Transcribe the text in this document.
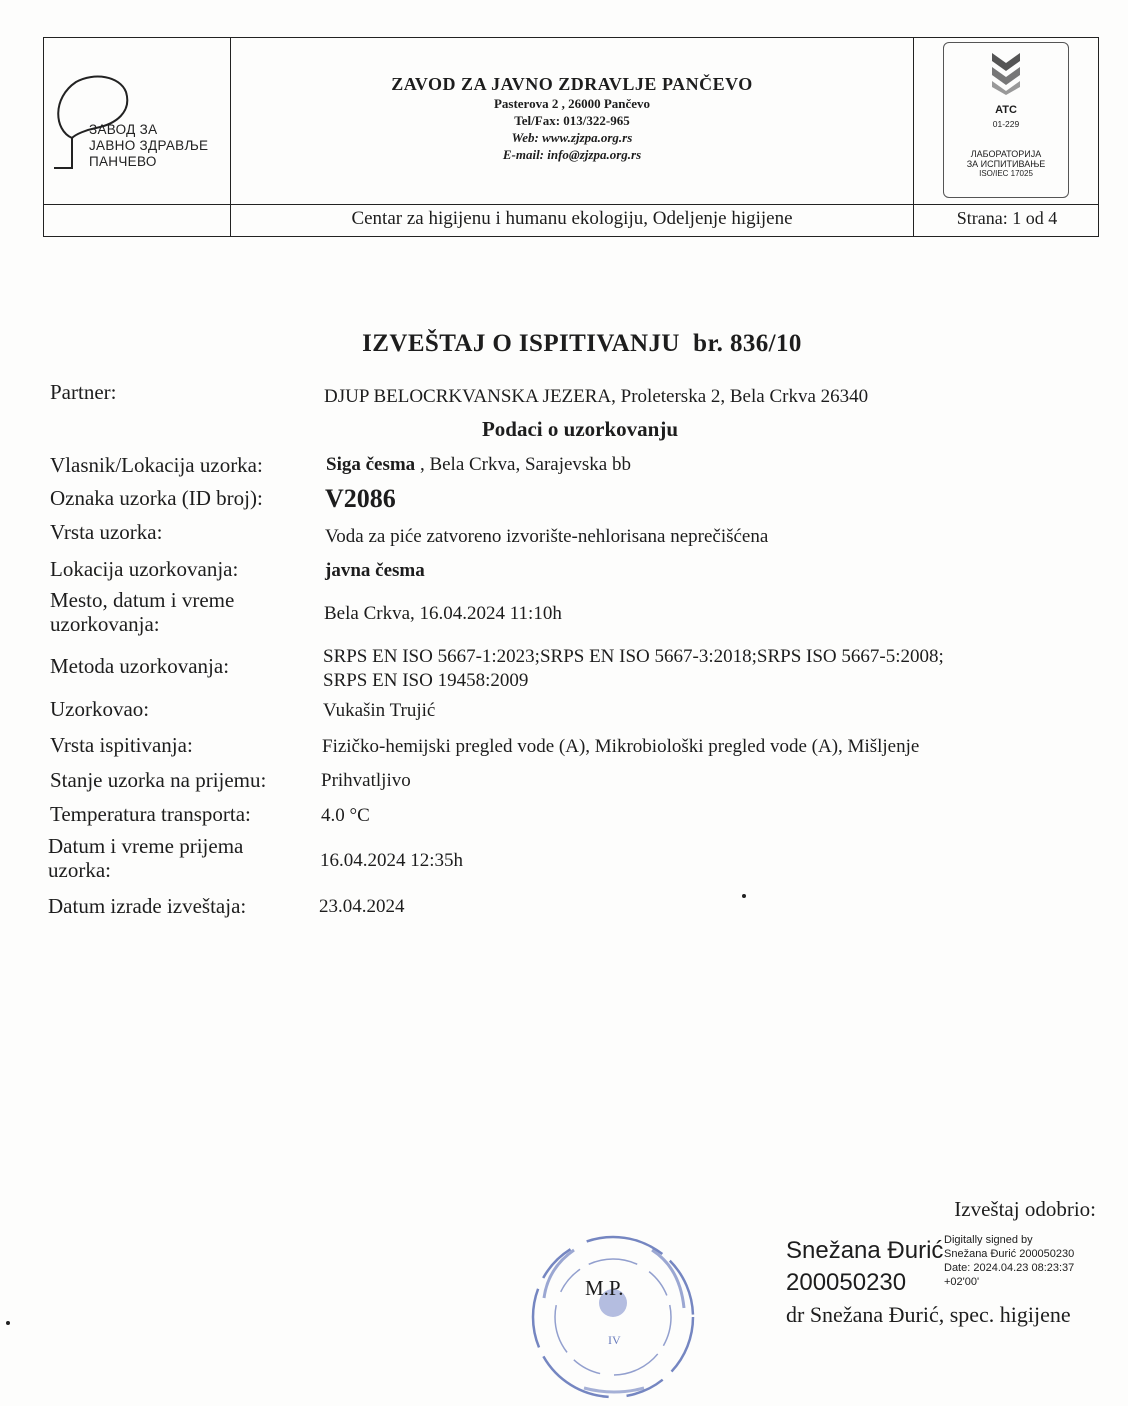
ЗАВОД ЗА
ЈАВНО ЗДРАВЉЕ
ПАНЧЕВО
ZAVOD ZA JAVNO ZDRAVLJE PANČEVO
Pasterova 2 , 26000 Pančevo
Tel/Fax: 013/322-965
Web: www.zjzpa.org.rs
E-mail: info@zjzpa.org.rs
ATC
01-229
ЛАБОРАТОРИЈА
ЗА ИСПИТИВАЊЕ
ISO/IEC 17025
Centar za higijenu i humanu ekologiju, Odeljenje higijene	Strana: 1 od 4
IZVEŠTAJ O ISPITIVANJU  br. 836/10
Partner:	DJUP BELOCRKVANSKA JEZERA, Proleterska 2, Bela Crkva 26340
Podaci o uzorkovanju
Vlasnik/Lokacija uzorka:	Siga česma , Bela Crkva, Sarajevska bb
Oznaka uzorka (ID broj): V2086
Vrsta uzorka:	Voda za piće zatvoreno izvorište-nehlorisana neprečišćena
Lokacija uzorkovanja:	javna česma
Mesto, datum i vreme
uzorkovanja:	Bela Crkva, 16.04.2024 11:10h
Metoda uzorkovanja:	SRPS EN ISO 5667-1:2023;SRPS EN ISO 5667-3:2018;SRPS ISO 5667-5:2008;
SRPS EN ISO 19458:2009
Uzorkovao:	Vukašin Trujić
Vrsta ispitivanja:	Fizičko-hemijski pregled vode (A), Mikrobiološki pregled vode (A), Mišljenje
Stanje uzorka na prijemu:	Prihvatljivo
Temperatura transporta:	4.0 °C
Datum i vreme prijema
uzorka:	16.04.2024 12:35h
Datum izrade izveštaja:	23.04.2024
Izveštaj odobrio:
IV
M.P.
Snežana Đurić
200050230
Digitally signed by
Snežana Đurić 200050230
Date: 2024.04.23 08:23:37
+02'00'
dr Snežana Đurić, spec. higijene
